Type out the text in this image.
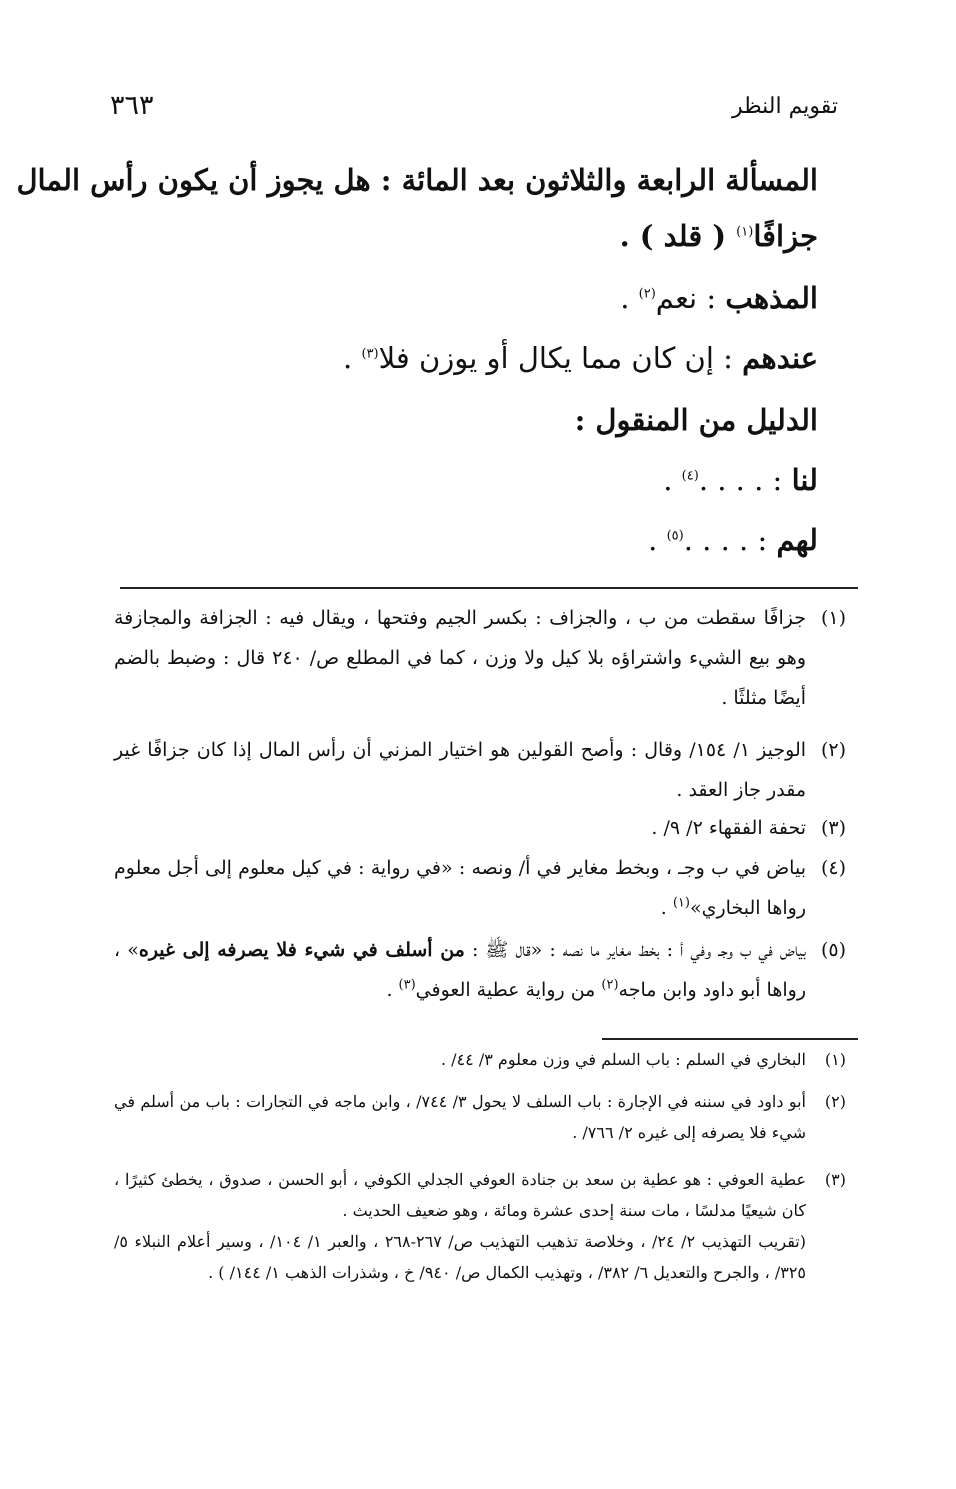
تقويم النظر
٣٦٣
المسألة الرابعة والثلاثون بعد المائة : هل يجوز أن يكون رأس المال
جزافًا$^{(١)}$ ( قلد ) .
المذهب : نعم$^{(٢)}$ .
عندهم : إن كان مما يكال أو يوزن فلا$^{(٣)}$ .
الدليل من المنقول :
لنا : . . . .$^{(٤)}$ .
لهم : . . . .$^{(٥)}$ .
(١)
جزافًا سقطت من ب ، والجزاف : بكسر الجيم وفتحها ، ويقال فيه : الجزافة والمجازفة وهو بيع الشيء واشتراؤه بلا كيل ولا وزن ، كما في المطلع ص/ ٢٤٠ قال : وضبط بالضم أيضًا مثلثًا .
(٢)
الوجيز ١/ ١٥٤/ وقال : وأصح القولين هو اختيار المزني أن رأس المال إذا كان جزافًا غير مقدر جاز العقد .
(٣)
تحفة الفقهاء ٢/ ٩/ .
(٤)
بياض في ب وجـ ، وبخط مغاير في أ/ ونصه : «في رواية : في كيل معلوم إلى أجل معلوم رواها البخاري»$^{(١)}$ .
(٥)
بياض في ب وجـ وفي أ : بخط مغاير ما نصه : «قال ﷺ : من أسلف في شيء فلا يصرفه إلى غيره» ، رواها أبو داود وابن ماجه$^{(٢)}$ من رواية عطية العوفي$^{(٣)}$ .
(١)
البخاري في السلم : باب السلم في وزن معلوم ٣/ ٤٤/ .
(٢)
أبو داود في سننه في الإجارة : باب السلف لا يحول ٣/ ٧٤٤/ ، وابن ماجه في التجارات : باب من أسلم في شيء فلا يصرفه إلى غيره ٢/ ٧٦٦/ .
(٣)
عطية العوفي : هو عطية بن سعد بن جنادة العوفي الجدلي الكوفي ، أبو الحسن ، صدوق ، يخطئ كثيرًا ، كان شيعيًا مدلسًا ، مات سنة إحدى عشرة ومائة ، وهو ضعيف الحديث .
(تقريب التهذيب ٢/ ٢٤/ ، وخلاصة تذهيب التهذيب ص/ ٢٦٧-٢٦٨ ، والعبر ١/ ١٠٤/ ، وسير أعلام النبلاء ٥/ ٣٢٥/ ، والجرح والتعديل ٦/ ٣٨٢/ ، وتهذيب الكمال ص/ ٩٤٠/ خ ، وشذرات الذهب ١/ ١٤٤/ ) .
